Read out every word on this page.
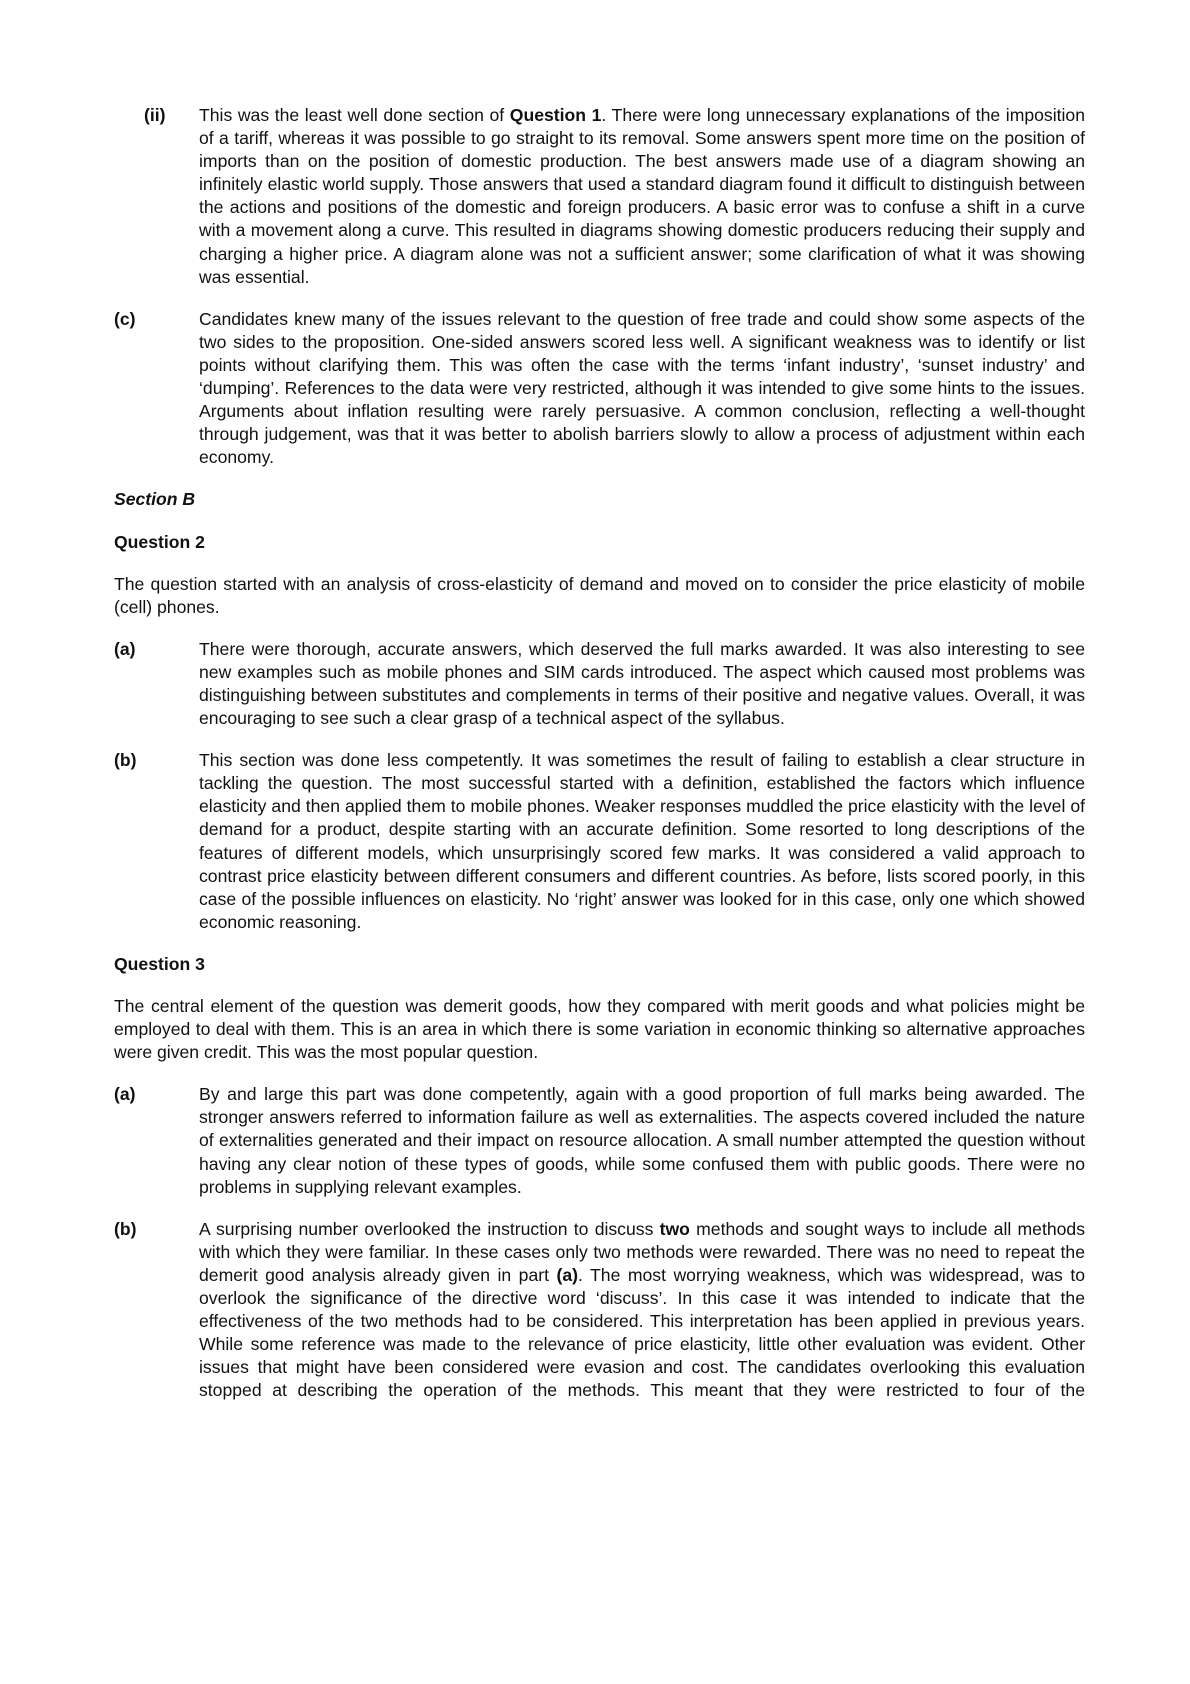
(ii) This was the least well done section of Question 1. There were long unnecessary explanations of the imposition of a tariff, whereas it was possible to go straight to its removal. Some answers spent more time on the position of imports than on the position of domestic production. The best answers made use of a diagram showing an infinitely elastic world supply. Those answers that used a standard diagram found it difficult to distinguish between the actions and positions of the domestic and foreign producers. A basic error was to confuse a shift in a curve with a movement along a curve. This resulted in diagrams showing domestic producers reducing their supply and charging a higher price. A diagram alone was not a sufficient answer; some clarification of what it was showing was essential.

(c)	Candidates knew many of the issues relevant to the question of free trade and could show some aspects of the two sides to the proposition. One-sided answers scored less well. A significant weakness was to identify or list points without clarifying them. This was often the case with the terms ‘infant industry’, ‘sunset industry’ and ‘dumping’. References to the data were very restricted, although it was intended to give some hints to the issues. Arguments about inflation resulting were rarely persuasive. A common conclusion, reflecting a well-thought through judgement, was that it was better to abolish barriers slowly to allow a process of adjustment within each economy.

Section B

Question 2

The question started with an analysis of cross-elasticity of demand and moved on to consider the price elasticity of mobile (cell) phones.

(a)	There were thorough, accurate answers, which deserved the full marks awarded. It was also interesting to see new examples such as mobile phones and SIM cards introduced. The aspect which caused most problems was distinguishing between substitutes and complements in terms of their positive and negative values. Overall, it was encouraging to see such a clear grasp of a technical aspect of the syllabus.

(b)	This section was done less competently. It was sometimes the result of failing to establish a clear structure in tackling the question. The most successful started with a definition, established the factors which influence elasticity and then applied them to mobile phones. Weaker responses muddled the price elasticity with the level of demand for a product, despite starting with an accurate definition. Some resorted to long descriptions of the features of different models, which unsurprisingly scored few marks. It was considered a valid approach to contrast price elasticity between different consumers and different countries. As before, lists scored poorly, in this case of the possible influences on elasticity. No ‘right’ answer was looked for in this case, only one which showed economic reasoning.

Question 3

The central element of the question was demerit goods, how they compared with merit goods and what policies might be employed to deal with them. This is an area in which there is some variation in economic thinking so alternative approaches were given credit. This was the most popular question.

(a)	By and large this part was done competently, again with a good proportion of full marks being awarded. The stronger answers referred to information failure as well as externalities. The aspects covered included the nature of externalities generated and their impact on resource allocation. A small number attempted the question without having any clear notion of these types of goods, while some confused them with public goods. There were no problems in supplying relevant examples.

(b)	A surprising number overlooked the instruction to discuss two methods and sought ways to include all methods with which they were familiar. In these cases only two methods were rewarded. There was no need to repeat the demerit good analysis already given in part (a). The most worrying weakness, which was widespread, was to overlook the significance of the directive word ‘discuss’. In this case it was intended to indicate that the effectiveness of the two methods had to be considered. This interpretation has been applied in previous years. While some reference was made to the relevance of price elasticity, little other evaluation was evident. Other issues that might have been considered were evasion and cost. The candidates overlooking this evaluation stopped at describing the operation of the methods. This meant that they were restricted to four of the
